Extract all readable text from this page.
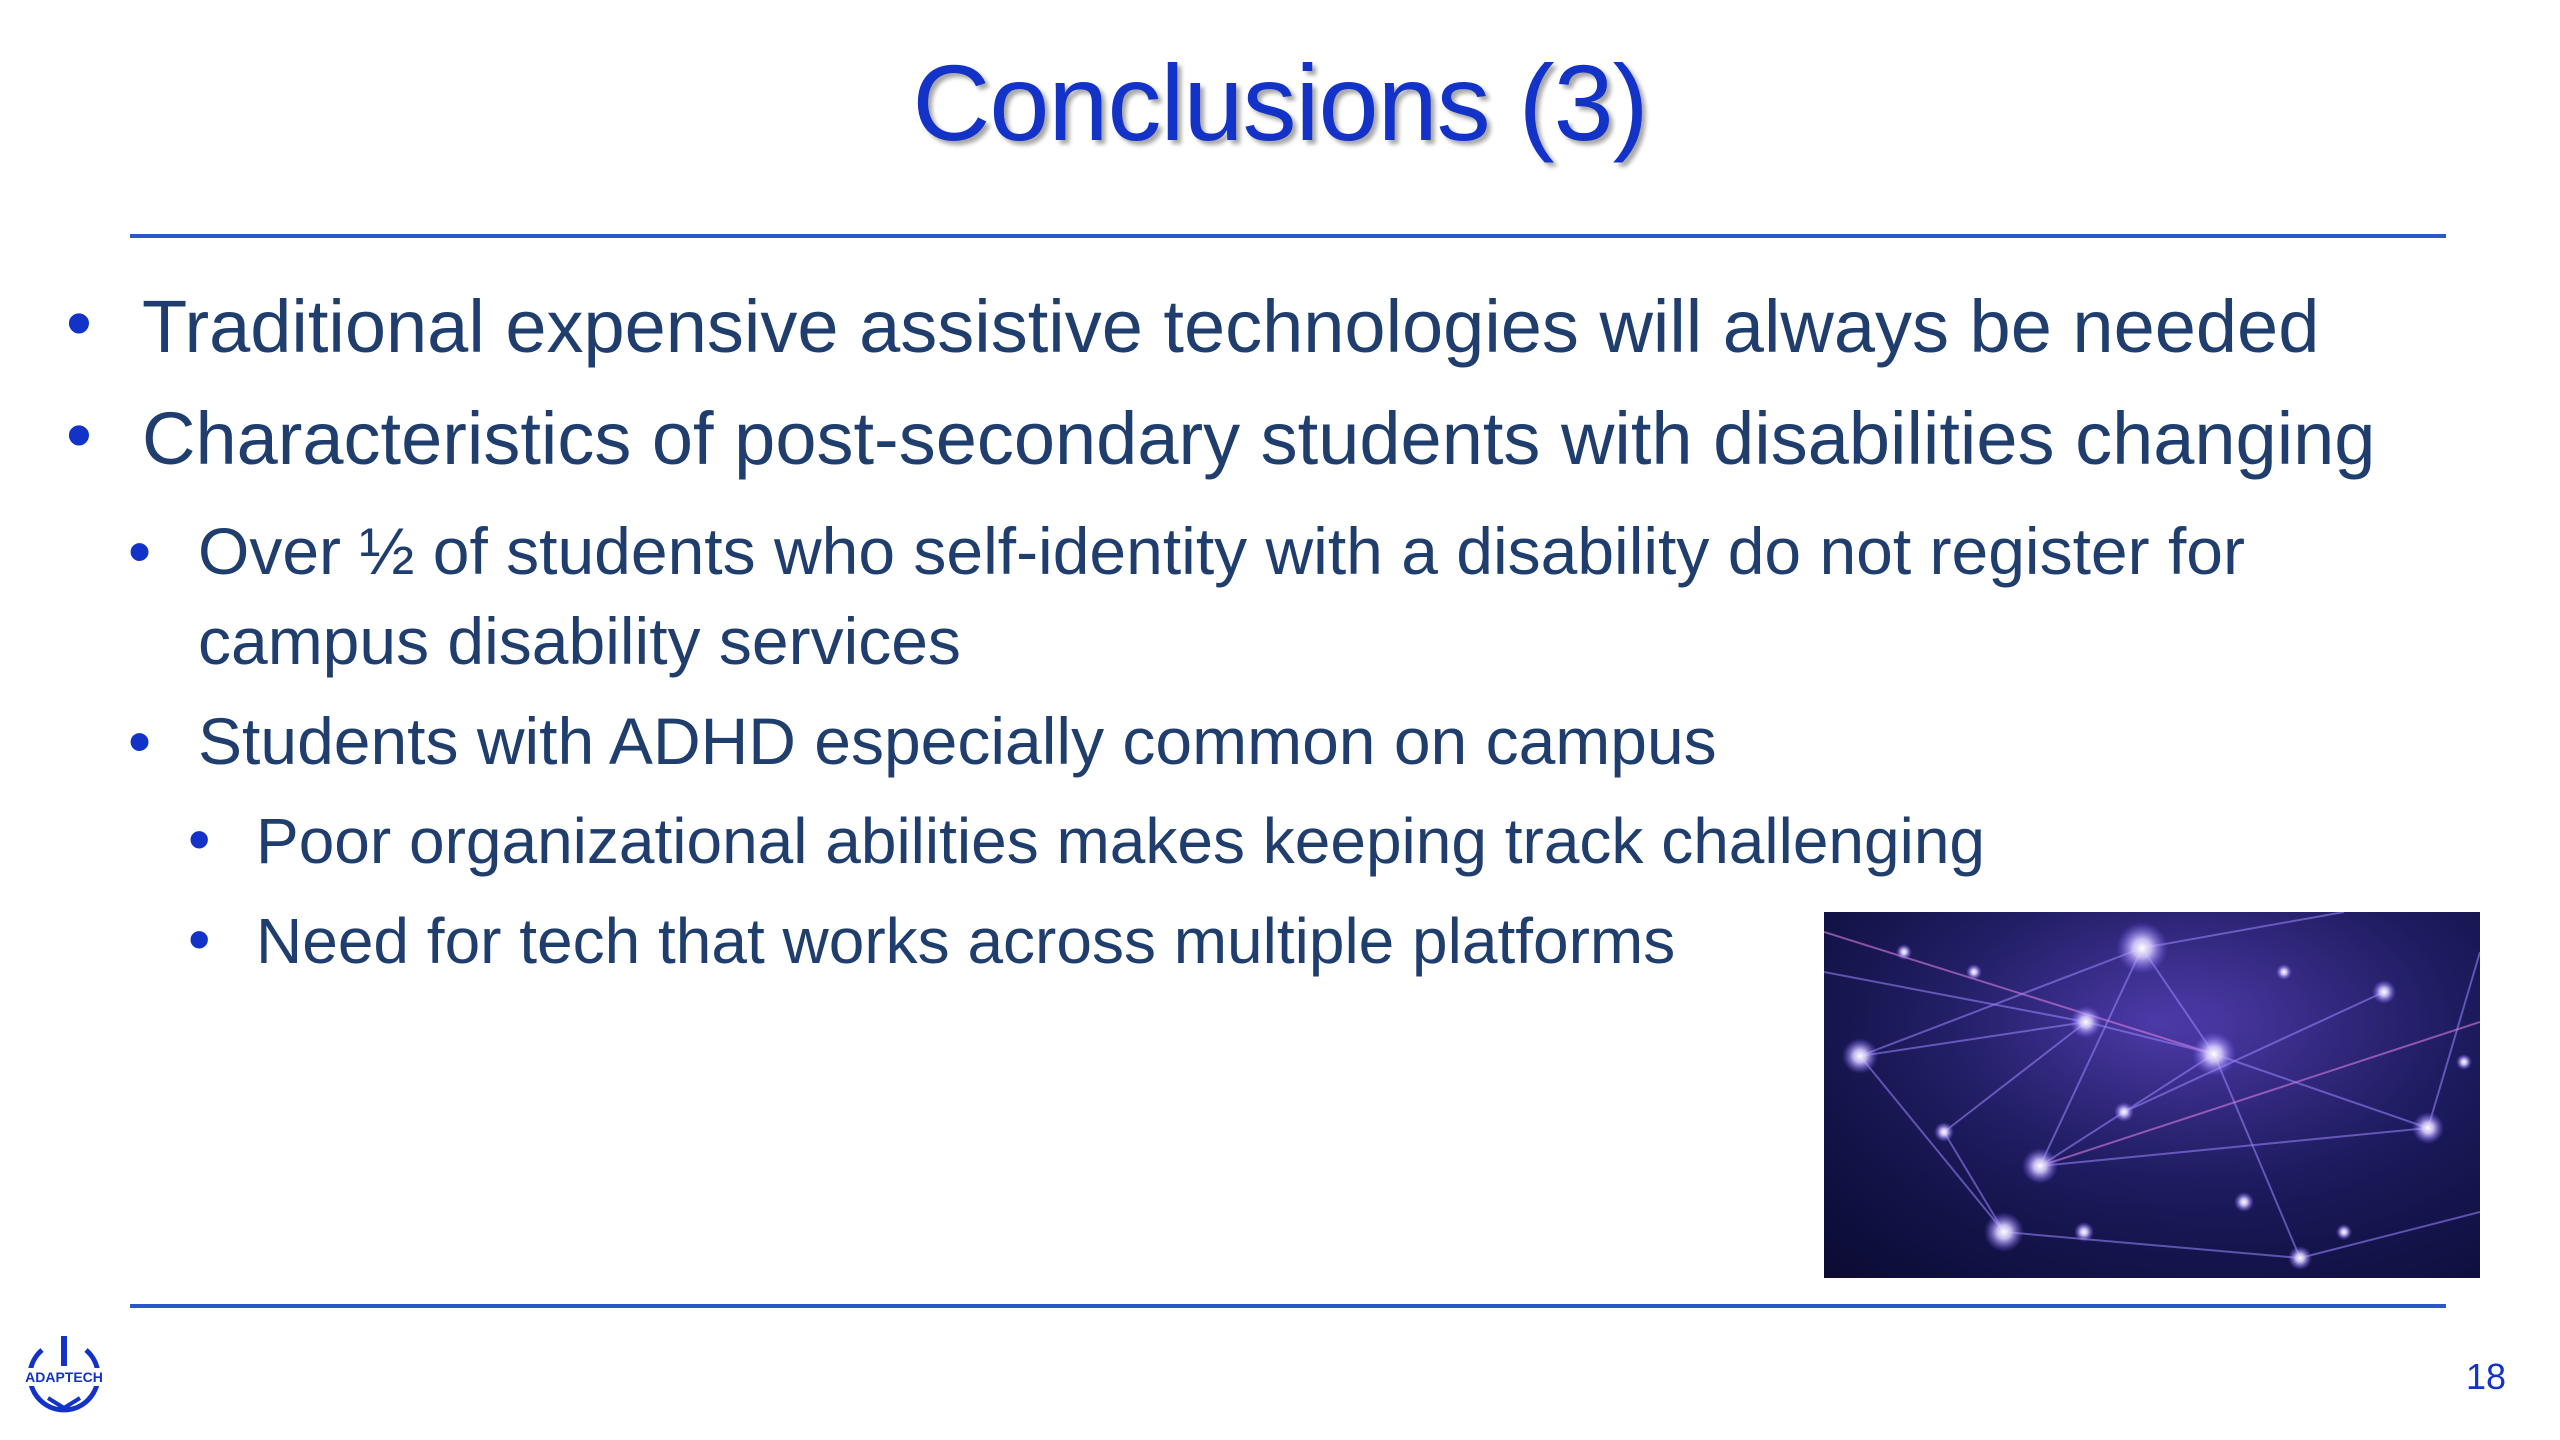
Conclusions (3)
• Traditional expensive assistive technologies will always be needed
• Characteristics of post-secondary students with disabilities changing
• Over ½ of students who self-identity with a disability do not register for
campus disability services
• Students with ADHD especially common on campus
• Poor organizational abilities makes keeping track challenging
• Need for tech that works across multiple platforms
ADAPTECH	18
